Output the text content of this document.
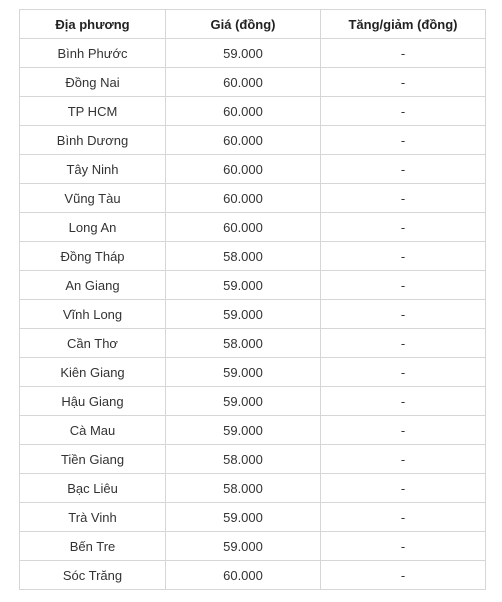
Địa phương	Giá (đồng)	Tăng/giảm (đồng)
Bình Phước	59.000	-
Đồng Nai	60.000	-
TP HCM	60.000	-
Bình Dương	60.000	-
Tây Ninh	60.000	-
Vũng Tàu	60.000	-
Long An	60.000	-
Đồng Tháp	58.000	-
An Giang	59.000	-
Vĩnh Long	59.000	-
Cần Thơ	58.000	-
Kiên Giang	59.000	-
Hậu Giang	59.000	-
Cà Mau	59.000	-
Tiền Giang	58.000	-
Bạc Liêu	58.000	-
Trà Vinh	59.000	-
Bến Tre	59.000	-
Sóc Trăng	60.000	-
